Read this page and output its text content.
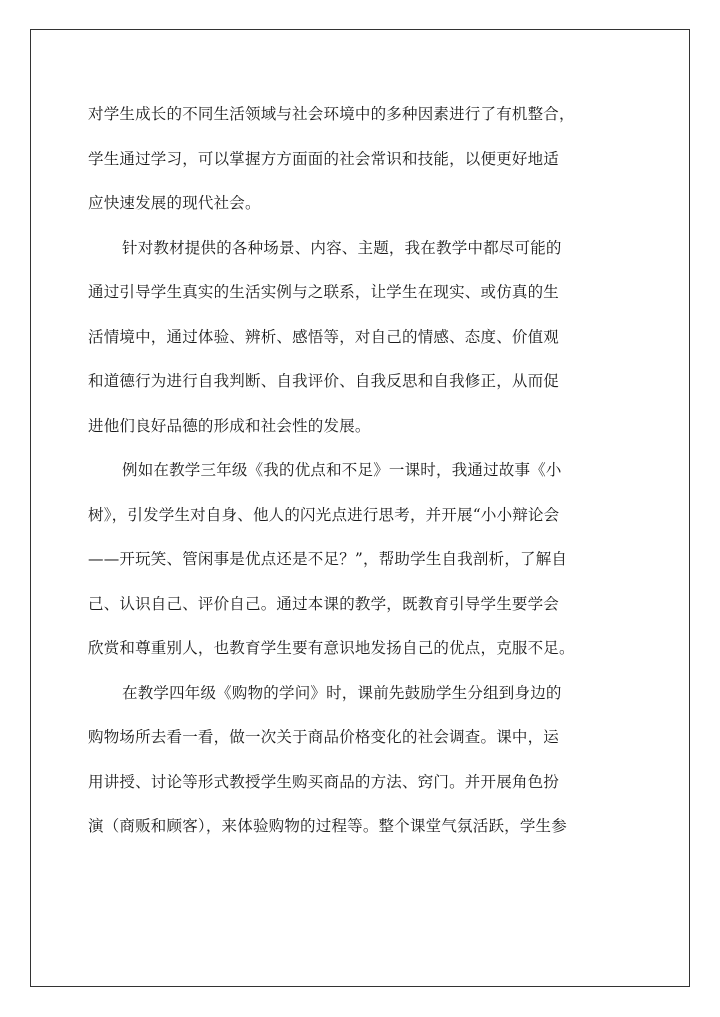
对学生成长的不同生活领域与社会环境中的多种因素进行了有机整合，
学生通过学习，可以掌握方方面面的社会常识和技能，以便更好地适
应快速发展的现代社会。
针对教材提供的各种场景、内容、主题，我在教学中都尽可能的
通过引导学生真实的生活实例与之联系，让学生在现实、或仿真的生
活情境中，通过体验、辨析、感悟等，对自己的情感、态度、价值观
和道德行为进行自我判断、自我评价、自我反思和自我修正，从而促
进他们良好品德的形成和社会性的发展。
例如在教学三年级《我的优点和不足》一课时，我通过故事《小
树》，引发学生对自身、他人的闪光点进行思考，并开展“小小辩论会
——开玩笑、管闲事是优点还是不足？”，帮助学生自我剖析，了解自
己、认识自己、评价自己。通过本课的教学，既教育引导学生要学会
欣赏和尊重别人，也教育学生要有意识地发扬自己的优点，克服不足。
在教学四年级《购物的学问》时，课前先鼓励学生分组到身边的
购物场所去看一看，做一次关于商品价格变化的社会调查。课中，运
用讲授、讨论等形式教授学生购买商品的方法、窍门。并开展角色扮
演（商贩和顾客），来体验购物的过程等。整个课堂气氛活跃，学生参
